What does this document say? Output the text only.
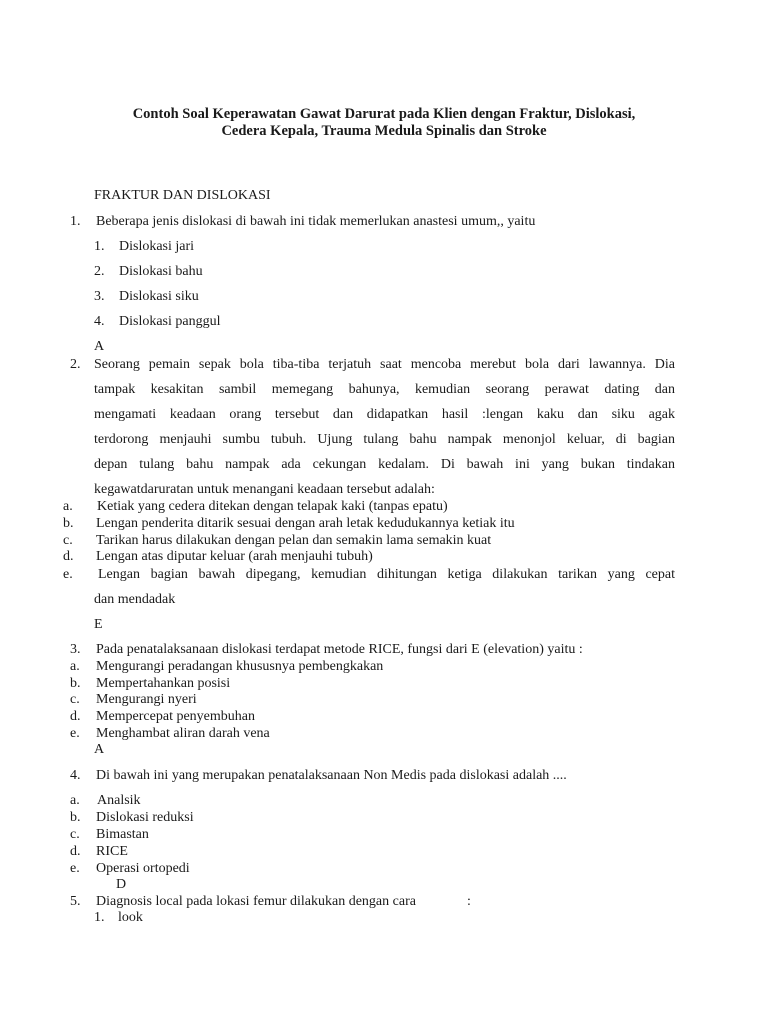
Contoh Soal Keperawatan Gawat Darurat pada Klien dengan Fraktur, Dislokasi,
Cedera Kepala, Trauma Medula Spinalis dan Stroke
FRAKTUR DAN DISLOKASI
1. Beberapa jenis dislokasi di bawah ini tidak memerlukan anastesi umum,, yaitu
1. Dislokasi jari
2. Dislokasi bahu
3. Dislokasi siku
4. Dislokasi panggul
A
2. Seorang pemain sepak bola tiba-tiba terjatuh saat mencoba merebut bola dari lawannya. Dia
tampak kesakitan sambil memegang bahunya, kemudian seorang perawat dating dan
mengamati keadaan orang tersebut dan didapatkan hasil :lengan kaku dan siku agak
terdorong menjauhi sumbu tubuh. Ujung tulang bahu nampak menonjol keluar, di bagian
depan tulang bahu nampak ada cekungan kedalam. Di bawah ini yang bukan tindakan
kegawatdaruratan untuk menangani keadaan tersebut adalah:
a. Ketiak yang cedera ditekan dengan telapak kaki (tanpas epatu)
b. Lengan penderita ditarik sesuai dengan arah letak kedudukannya ketiak itu
c. Tarikan harus dilakukan dengan pelan dan semakin lama semakin kuat
d. Lengan atas diputar keluar (arah menjauhi tubuh)
e. Lengan bagian bawah dipegang, kemudian dihitungan ketiga dilakukan tarikan yang cepat
dan mendadak
E
3. Pada penatalaksanaan dislokasi terdapat metode RICE, fungsi dari E (elevation) yaitu :
a. Mengurangi peradangan khususnya pembengkakan
b. Mempertahankan posisi
c. Mengurangi nyeri
d. Mempercepat penyembuhan
e. Menghambat aliran darah vena
A
4. Di bawah ini yang merupakan penatalaksanaan Non Medis pada dislokasi adalah ....
a. Analsik
b. Dislokasi reduksi
c. Bimastan
d. RICE
e. Operasi ortopedi
D
5. Diagnosis local pada lokasi femur dilakukan dengan cara	:
1. look
